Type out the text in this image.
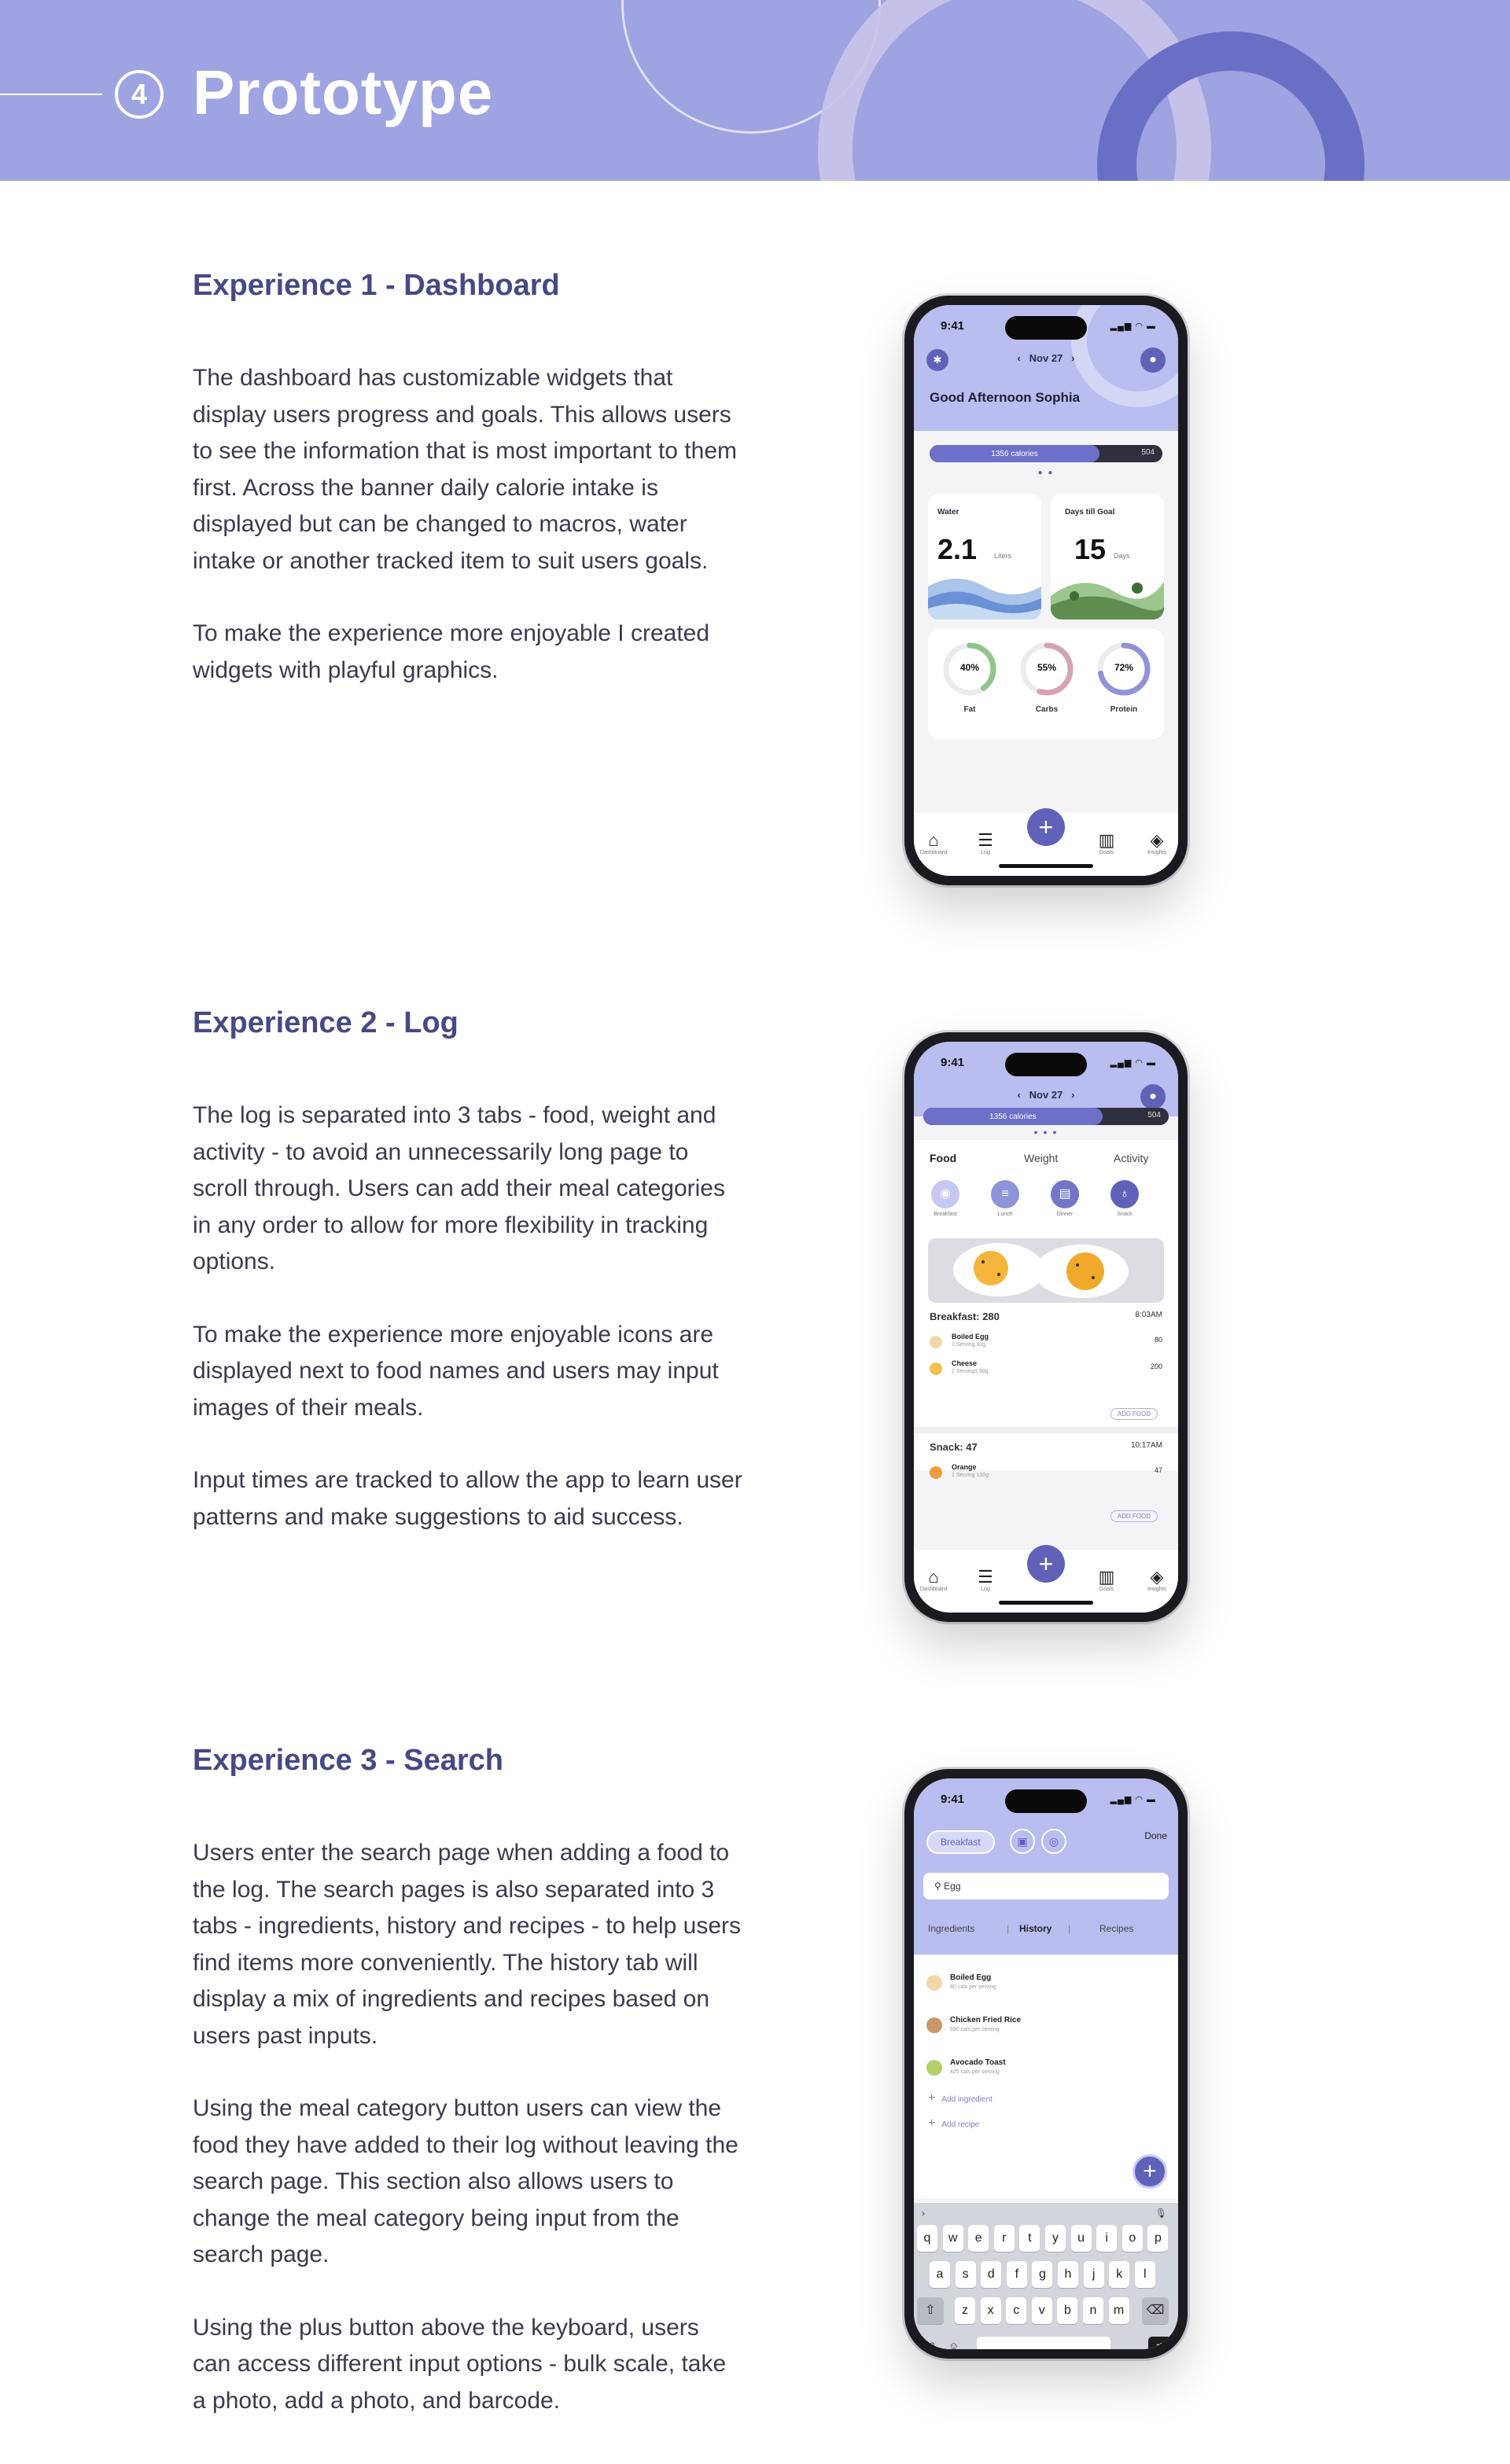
4 Prototype
Experience 1 - Dashboard

The dashboard has customizable widgets that display users progress and goals. This allows users to see the information that is most important to them first. Across the banner daily calorie intake is displayed but can be changed to macros, water intake or another tracked item to suit users goals.

To make the experience more enjoyable I created widgets with playful graphics.

9:41	▂▄▆ ◠ ▬
✱	‹ Nov 27 ›	●
Good Afternoon Sophia
1356 calories	504
● ●
Water
2.1 Liters
Days till Goal
15 Days
40%
Fat
55%
Carbs
72%
Protein
⌂
Dashboard
☰
Log
+	▥
Goals
◈
Insights
Experience 2 - Log

The log is separated into 3 tabs - food, weight and activity - to avoid an unnecessarily long page to scroll through. Users can add their meal categories in any order to allow for more flexibility in tracking options.

To make the experience more enjoyable icons are displayed next to food names and users may input images of their meals.

Input times are tracked to allow the app to learn user patterns and make suggestions to aid success.

9:41	▂▄▆ ◠ ▬
‹ Nov 27 ›	●
1356 calories	504
● ● ●
Food	Weight	Activity
◉
Breakfast
≡
Lunch
▤
Dinner
♁
Snack
Breakfast: 280	8:03AM
Boiled Egg
1 Serving 50g
80
Cheese
2 Servings 50g
200
ADD FOOD
Snack: 47	10:17AM
Orange
1 Serving 100g
47
ADD FOOD
⌂
Dashboard
☰
Log
+	▥
Goals
◈
Insights
Experience 3 - Search

Users enter the search page when adding a food to the log. The search pages is also separated into 3 tabs - ingredients, history and recipes - to help users find items more conveniently. The history tab will display a mix of ingredients and recipes based on users past inputs.

Using the meal category button users can view the food they have added to their log without leaving the search page. This section also allows users to change the meal category being input from the search page.

Using the plus button above the keyboard, users can access different input options - bulk scale, take a photo, add a photo, and barcode.

9:41	▂▄▆ ◠ ▬
Breakfast	▣	◎	Done
⚲ Egg
Ingredients	| History |	Recipes
Boiled Egg
80 cals per serving
Chicken Fried Rice
690 cals per serving
Avocado Toast
425 cals per serving
+ Add ingredient
+ Add recipe
+
›	🎙
q	w	e	r	t	y	u	i	o	p
a	s	d	f	g	h	j	k	l
⇧	z	x	c	v	b	n	m	⌫
123 ☺	⇥
